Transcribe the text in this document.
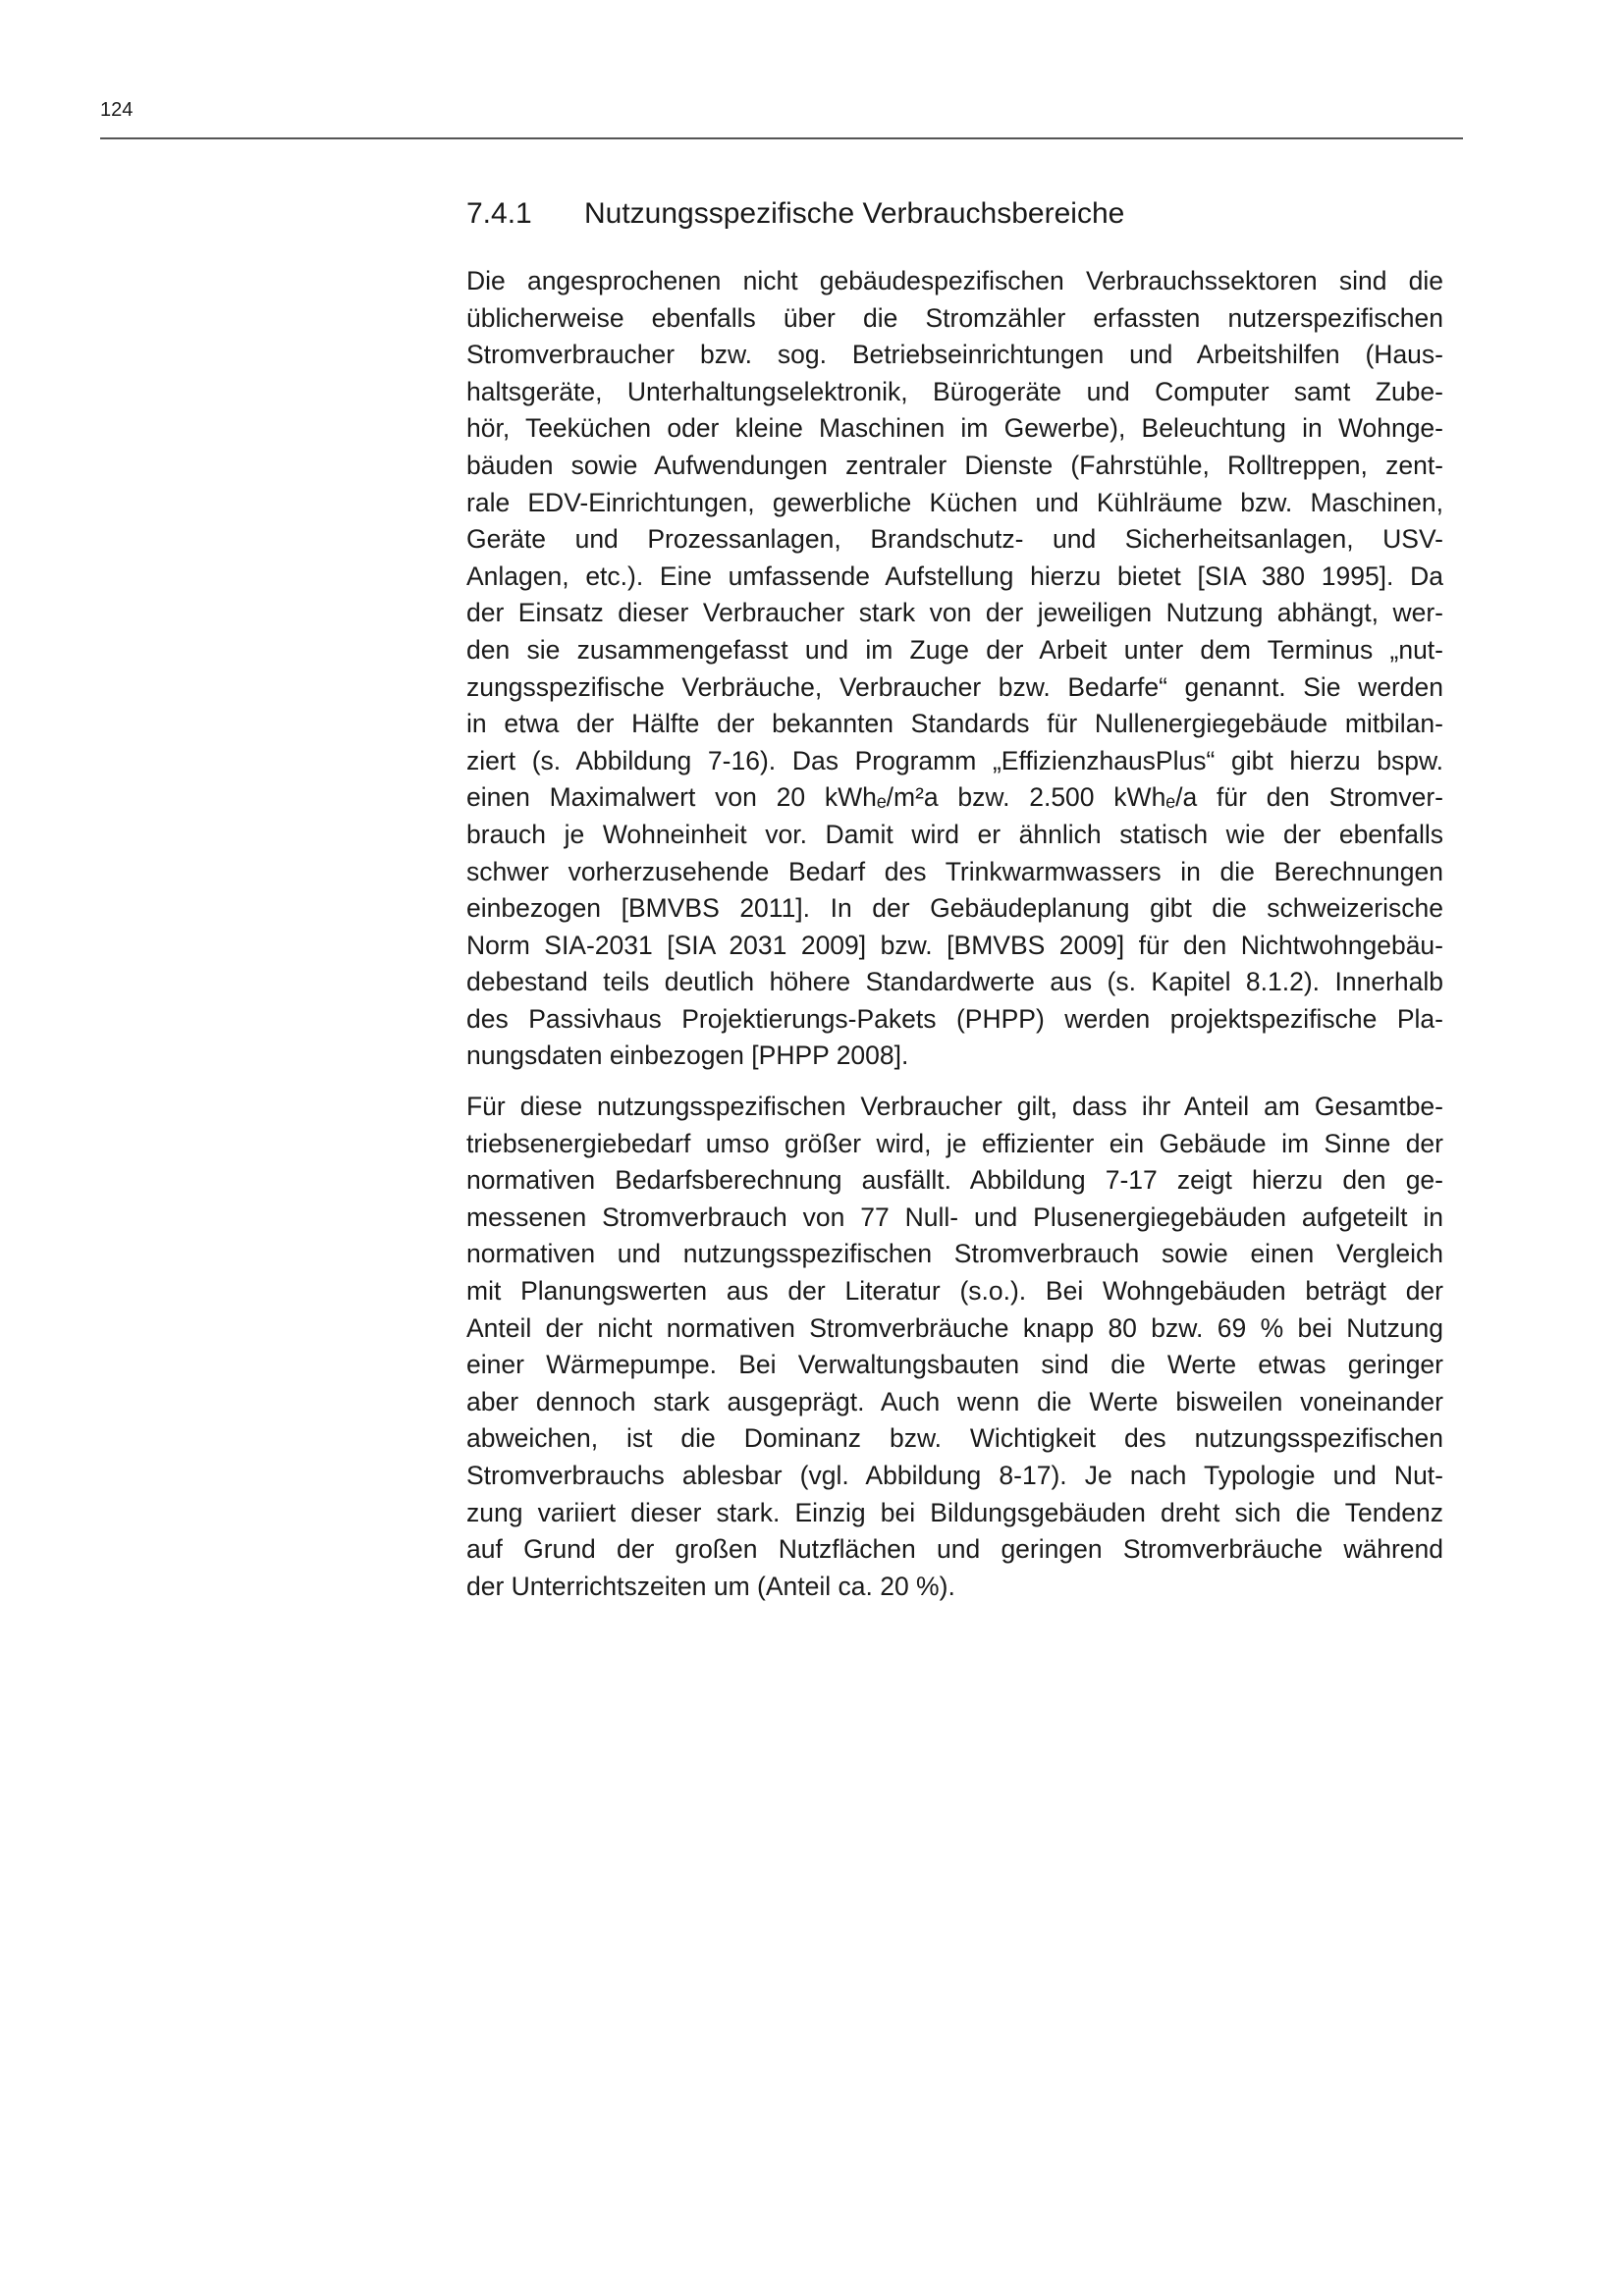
124
7.4.1 Nutzungsspezifische Verbrauchsbereiche
Die angesprochenen nicht gebäudespezifischen Verbrauchssektoren sind die
üblicherweise ebenfalls über die Stromzähler erfassten nutzerspezifischen
Stromverbraucher bzw. sog. Betriebseinrichtungen und Arbeitshilfen (Haus-
haltsgeräte, Unterhaltungselektronik, Bürogeräte und Computer samt Zube-
hör, Teeküchen oder kleine Maschinen im Gewerbe), Beleuchtung in Wohnge-
bäuden sowie Aufwendungen zentraler Dienste (Fahrstühle, Rolltreppen, zent-
rale EDV-Einrichtungen, gewerbliche Küchen und Kühlräume bzw. Maschinen,
Geräte und Prozessanlagen, Brandschutz- und Sicherheitsanlagen, USV-
Anlagen, etc.). Eine umfassende Aufstellung hierzu bietet [SIA 380 1995]. Da
der Einsatz dieser Verbraucher stark von der jeweiligen Nutzung abhängt, wer-
den sie zusammengefasst und im Zuge der Arbeit unter dem Terminus „nut-
zungsspezifische Verbräuche, Verbraucher bzw. Bedarfe“ genannt. Sie werden
in etwa der Hälfte der bekannten Standards für Nullenergiegebäude mitbilan-
ziert (s. Abbildung 7-16). Das Programm „EffizienzhausPlus“ gibt hierzu bspw.
einen Maximalwert von 20 kWhₑ/m²a bzw. 2.500 kWhₑ/a für den Stromver-
brauch je Wohneinheit vor. Damit wird er ähnlich statisch wie der ebenfalls
schwer vorherzusehende Bedarf des Trinkwarmwassers in die Berechnungen
einbezogen [BMVBS 2011]. In der Gebäudeplanung gibt die schweizerische
Norm SIA-2031 [SIA 2031 2009] bzw. [BMVBS 2009] für den Nichtwohngebäu-
debestand teils deutlich höhere Standardwerte aus (s. Kapitel 8.1.2). Innerhalb
des Passivhaus Projektierungs-Pakets (PHPP) werden projektspezifische Pla-
nungsdaten einbezogen [PHPP 2008].
Für diese nutzungsspezifischen Verbraucher gilt, dass ihr Anteil am Gesamtbe-
triebsenergiebedarf umso größer wird, je effizienter ein Gebäude im Sinne der
normativen Bedarfsberechnung ausfällt. Abbildung 7-17 zeigt hierzu den ge-
messenen Stromverbrauch von 77 Null- und Plusenergiegebäuden aufgeteilt in
normativen und nutzungsspezifischen Stromverbrauch sowie einen Vergleich
mit Planungswerten aus der Literatur (s.o.). Bei Wohngebäuden beträgt der
Anteil der nicht normativen Stromverbräuche knapp 80 bzw. 69 % bei Nutzung
einer Wärmepumpe. Bei Verwaltungsbauten sind die Werte etwas geringer
aber dennoch stark ausgeprägt. Auch wenn die Werte bisweilen voneinander
abweichen, ist die Dominanz bzw. Wichtigkeit des nutzungsspezifischen
Stromverbrauchs ablesbar (vgl. Abbildung 8-17). Je nach Typologie und Nut-
zung variiert dieser stark. Einzig bei Bildungsgebäuden dreht sich die Tendenz
auf Grund der großen Nutzflächen und geringen Stromverbräuche während
der Unterrichtszeiten um (Anteil ca. 20 %).
